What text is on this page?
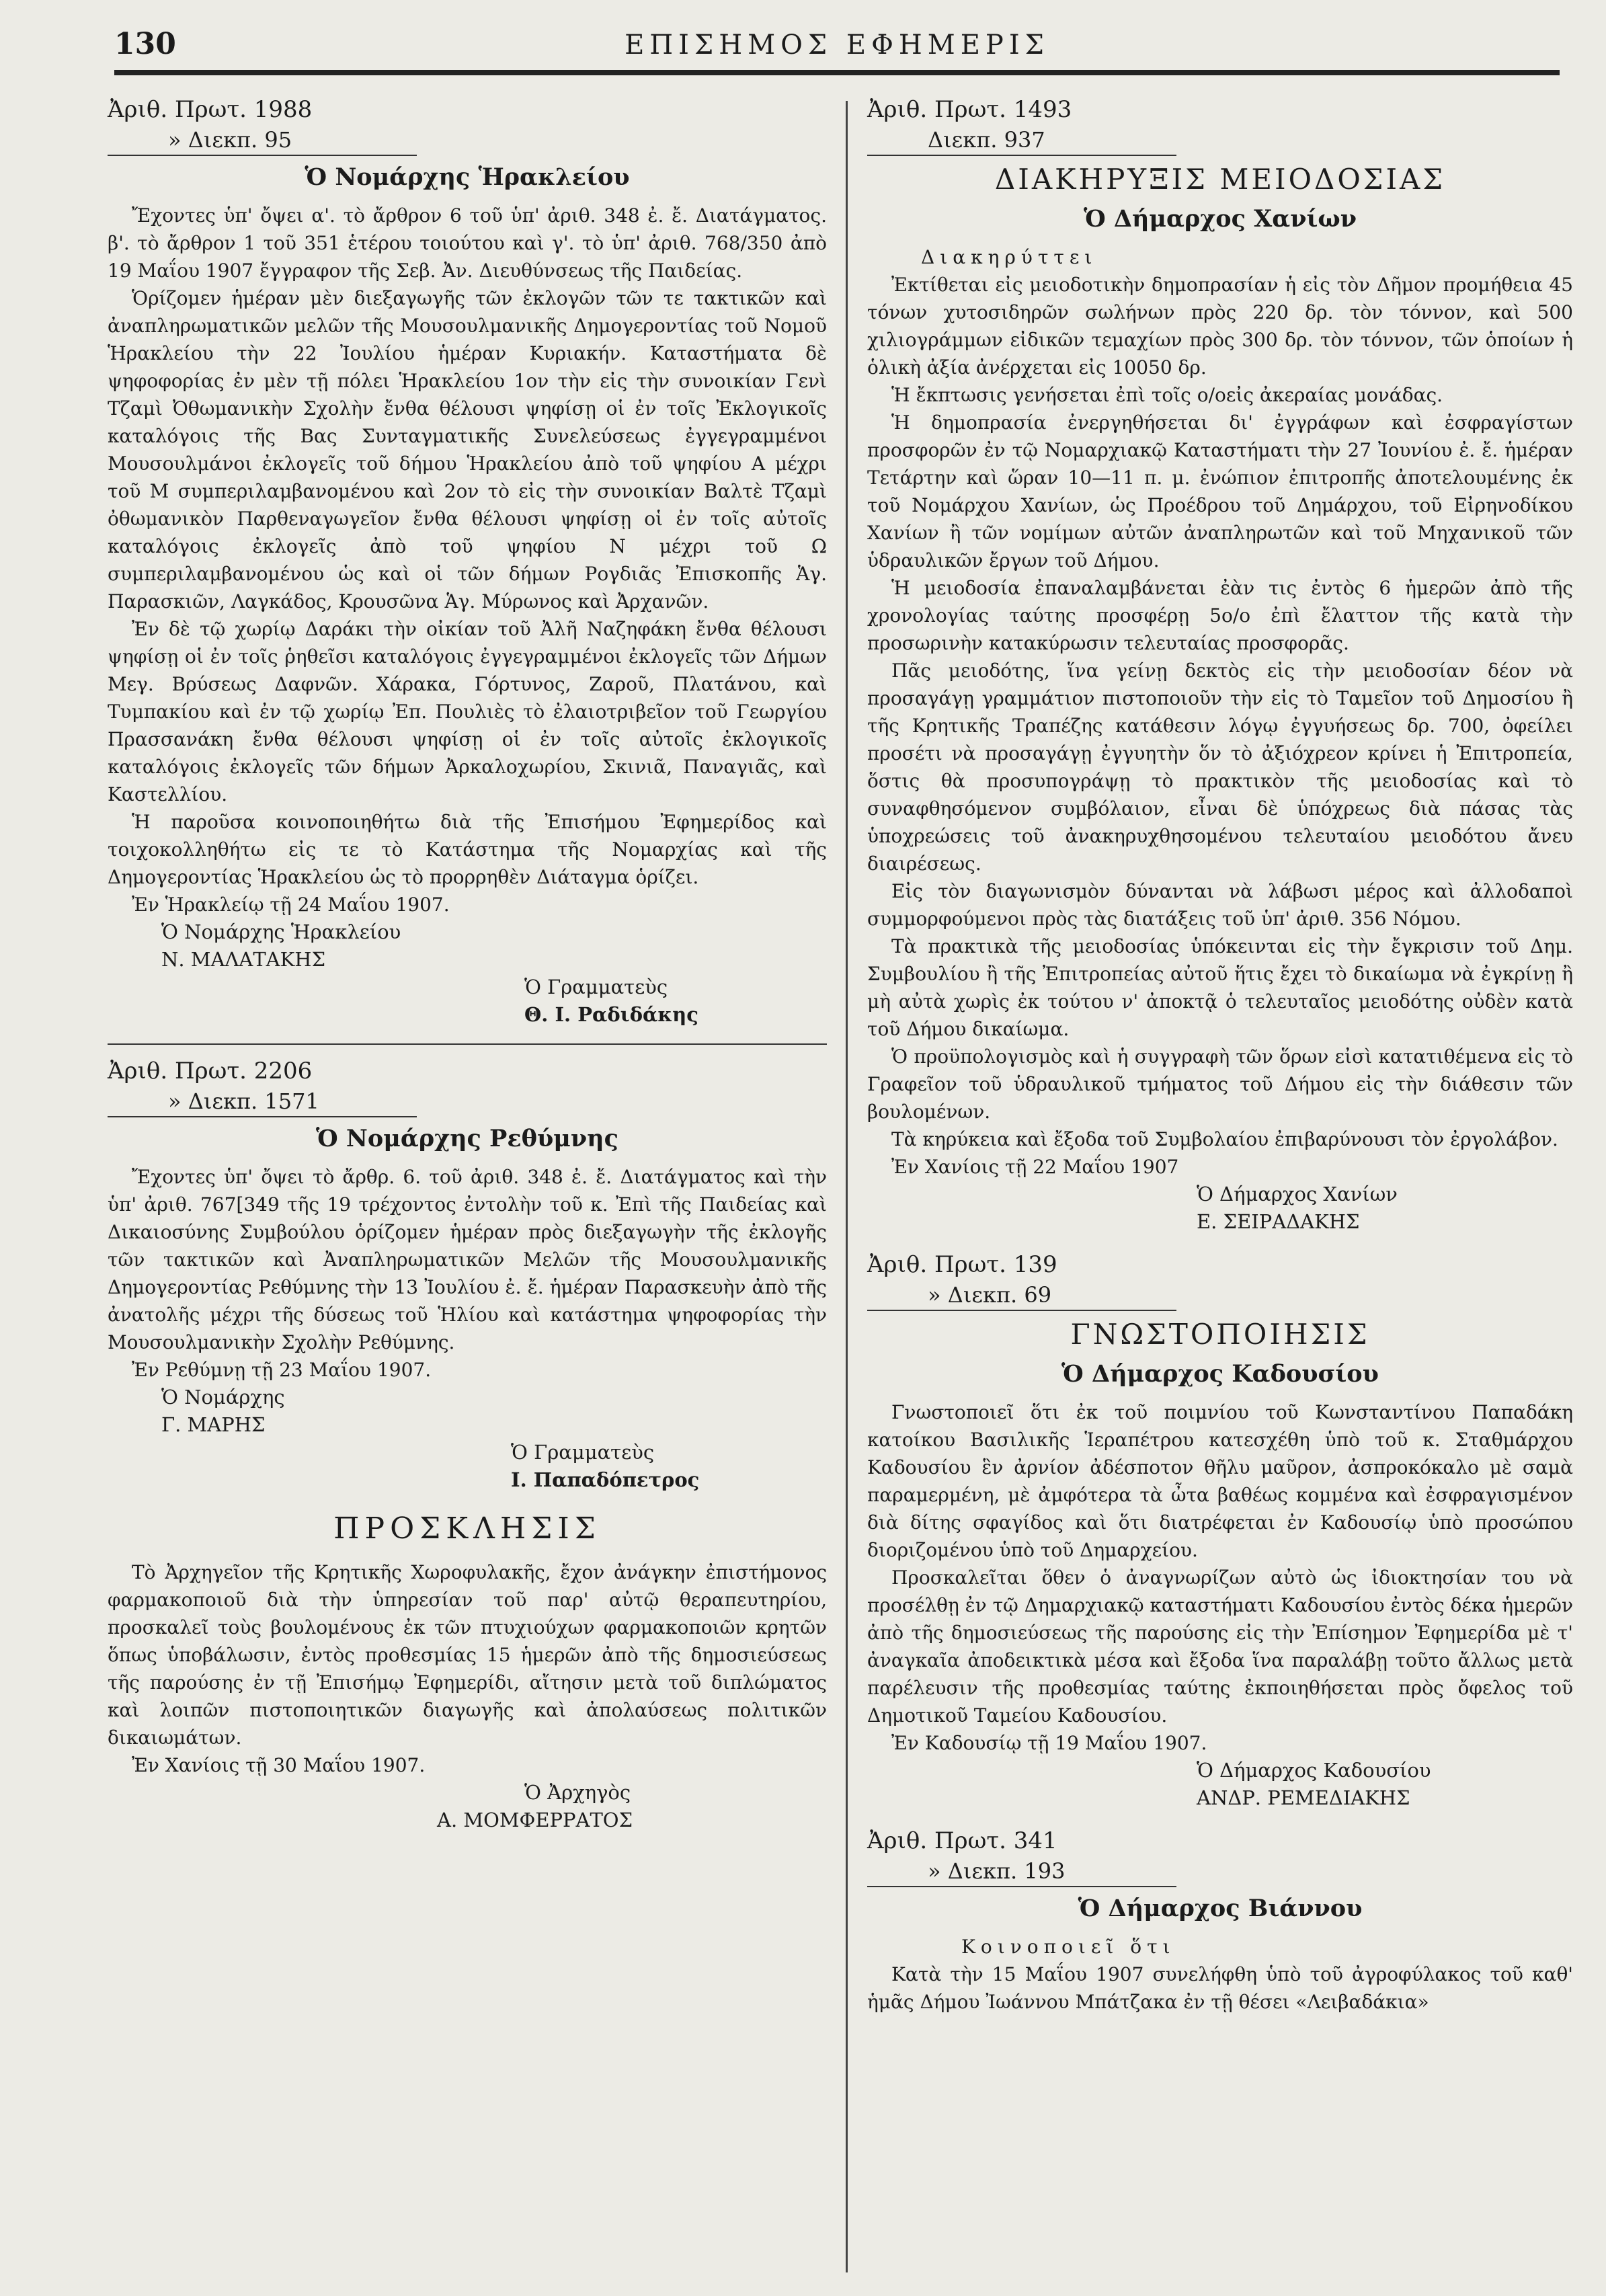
130	ΕΠΙΣΗΜΟΣ ΕΦΗΜΕΡΙΣ
Ἀριθ. Πρωτ. 1988
» Διεκπ. 95
Ὁ Νομάρχης Ἡρακλείου

Ἔχοντες ὑπ' ὄψει α'. τὸ ἄρθρον 6 τοῦ ὑπ' ἀριθ. 348 ἐ. ἔ. Διατάγματος. β'. τὸ ἄρθρον 1 τοῦ 351 ἑτέρου τοιούτου καὶ γ'. τὸ ὑπ' ἀριθ. 768/350 ἀπὸ 19 Μαΐου 1907 ἔγγραφον τῆς Σεβ. Ἀν. Διευθύνσεως τῆς Παιδείας.

Ὁρίζομεν ἡμέραν μὲν διεξαγωγῆς τῶν ἐκλογῶν τῶν τε τακτικῶν καὶ ἀναπληρωματικῶν μελῶν τῆς Μουσουλμανικῆς Δημογεροντίας τοῦ Νομοῦ Ἡρακλείου τὴν 22 Ἰουλίου ἡμέραν Κυριακήν. Καταστήματα δὲ ψηφοφορίας ἐν μὲν τῇ πόλει Ἡρακλείου 1ον τὴν εἰς τὴν συνοικίαν Γενὶ Τζαμὶ Ὀθωμανικὴν Σχολὴν ἔνθα θέλουσι ψηφίσῃ οἱ ἐν τοῖς Ἐκλογικοῖς καταλόγοις τῆς Βας Συνταγματικῆς Συνελεύσεως ἐγγεγραμμένοι Μουσουλμάνοι ἐκλογεῖς τοῦ δήμου Ἡρακλείου ἀπὸ τοῦ ψηφίου Α μέχρι τοῦ Μ συμπεριλαμβανομένου καὶ 2ον τὸ εἰς τὴν συνοικίαν Βαλτὲ Τζαμὶ ὀθωμανικὸν Παρθεναγωγεῖον ἔνθα θέλουσι ψηφίσῃ οἱ ἐν τοῖς αὐτοῖς καταλόγοις ἐκλογεῖς ἀπὸ τοῦ ψηφίου Ν μέχρι τοῦ Ω συμπεριλαμβανομένου ὡς καὶ οἱ τῶν δήμων Ρογδιᾶς Ἐπισκοπῆς Ἁγ. Παρασκιῶν, Λαγκάδος, Κρουσῶνα Ἁγ. Μύρωνος καὶ Ἀρχανῶν.

Ἐν δὲ τῷ χωρίῳ Δαράκι τὴν οἰκίαν τοῦ Ἀλῆ Ναζηφάκη ἔνθα θέλουσι ψηφίσῃ οἱ ἐν τοῖς ῥηθεῖσι καταλόγοις ἐγγεγραμμένοι ἐκλογεῖς τῶν Δήμων Μεγ. Βρύσεως Δαφνῶν. Χάρακα, Γόρτυνος, Ζαροῦ, Πλατάνου, καὶ Τυμπακίου καὶ ἐν τῷ χωρίῳ Ἐπ. Πουλιὲς τὸ ἐλαιοτριβεῖον τοῦ Γεωργίου Πρασσανάκη ἔνθα θέλουσι ψηφίσῃ οἱ ἐν τοῖς αὐτοῖς ἐκλογικοῖς καταλόγοις ἐκλογεῖς τῶν δήμων Ἀρκαλοχωρίου, Σκινιᾶ, Παναγιᾶς, καὶ Καστελλίου.

Ἡ παροῦσα κοινοποιηθήτω διὰ τῆς Ἐπισήμου Ἐφημερίδος καὶ τοιχοκολληθήτω εἰς τε τὸ Κατάστημα τῆς Νομαρχίας καὶ τῆς Δημογεροντίας Ἡρακλείου ὡς τὸ προρρηθὲν Διάταγμα ὁρίζει.

Ἐν Ἡρακλείῳ τῇ 24 Μαΐου 1907.

Ὁ Νομάρχης Ἡρακλείου
Ν. ΜΑΛΑΤΑΚΗΣ
Ὁ Γραμματεὺς
Θ. Ι. Ραδιδάκης
Ἀριθ. Πρωτ. 2206
» Διεκπ. 1571
Ὁ Νομάρχης Ρεθύμνης

Ἔχοντες ὑπ' ὄψει τὸ ἄρθρ. 6. τοῦ ἀριθ. 348 ἐ. ἔ. Διατάγματος καὶ τὴν ὑπ' ἀριθ. 767[349 τῆς 19 τρέχοντος ἐντολὴν τοῦ κ. Ἐπὶ τῆς Παιδείας καὶ Δικαιοσύνης Συμβούλου ὁρίζομεν ἡμέραν πρὸς διεξαγωγὴν τῆς ἐκλογῆς τῶν τακτικῶν καὶ Ἀναπληρωματικῶν Μελῶν τῆς Μουσουλμανικῆς Δημογεροντίας Ρεθύμνης τὴν 13 Ἰουλίου ἐ. ἔ. ἡμέραν Παρασκευὴν ἀπὸ τῆς ἀνατολῆς μέχρι τῆς δύσεως τοῦ Ἡλίου καὶ κατάστημα ψηφοφορίας τὴν Μουσουλμανικὴν Σχολὴν Ρεθύμνης.

Ἐν Ρεθύμνῃ τῇ 23 Μαΐου 1907.

Ὁ Νομάρχης
Γ. ΜΑΡΗΣ
Ὁ Γραμματεὺς
Ι. Παπαδόπετρος
ΠΡΟΣΚΛΗΣΙΣ

Τὸ Ἀρχηγεῖον τῆς Κρητικῆς Χωροφυλακῆς, ἔχον ἀνάγκην ἐπιστήμονος φαρμακοποιοῦ διὰ τὴν ὑπηρεσίαν τοῦ παρ' αὐτῷ θεραπευτηρίου, προσκαλεῖ τοὺς βουλομένους ἐκ τῶν πτυχιούχων φαρμακοποιῶν κρητῶν ὅπως ὑποβάλωσιν, ἐντὸς προθεσμίας 15 ἡμερῶν ἀπὸ τῆς δημοσιεύσεως τῆς παρούσης ἐν τῇ Ἐπισήμῳ Ἐφημερίδι, αἴτησιν μετὰ τοῦ διπλώματος καὶ λοιπῶν πιστοποιητικῶν διαγωγῆς καὶ ἀπολαύσεως πολιτικῶν δικαιωμάτων.

Ἐν Χανίοις τῇ 30 Μαΐου 1907.

Ὁ Ἀρχηγὸς
Α. ΜΟΜΦΕΡΡΑΤΟΣ
Ἀριθ. Πρωτ. 1493
Διεκπ. 937
ΔΙΑΚΗΡΥΞΙΣ ΜΕΙΟΔΟΣΙΑΣ
Ὁ Δήμαρχος Χανίων
Διακηρύττει

Ἐκτίθεται εἰς μειοδοτικὴν δημοπρασίαν ἡ εἰς τὸν Δῆμον προμήθεια 45 τόνων χυτοσιδηρῶν σωλήνων πρὸς 220 δρ. τὸν τόννον, καὶ 500 χιλιογράμμων εἰδικῶν τεμαχίων πρὸς 300 δρ. τὸν τόννον, τῶν ὁποίων ἡ ὁλικὴ ἀξία ἀνέρχεται εἰς 10050 δρ.

Ἡ ἔκπτωσις γενήσεται ἐπὶ τοῖς ο/οεἰς ἀκεραίας μονάδας.

Ἡ δημοπρασία ἐνεργηθήσεται δι' ἐγγράφων καὶ ἐσφραγίστων προσφορῶν ἐν τῷ Νομαρχιακῷ Καταστήματι τὴν 27 Ἰουνίου ἐ. ἔ. ἡμέραν Τετάρτην καὶ ὥραν 10—11 π. μ. ἐνώπιον ἐπιτροπῆς ἀποτελουμένης ἐκ τοῦ Νομάρχου Χανίων, ὡς Προέδρου τοῦ Δημάρχου, τοῦ Εἰρηνοδίκου Χανίων ἢ τῶν νομίμων αὐτῶν ἀναπληρωτῶν καὶ τοῦ Μηχανικοῦ τῶν ὑδραυλικῶν ἔργων τοῦ Δήμου.

Ἡ μειοδοσία ἐπαναλαμβάνεται ἐὰν τις ἐντὸς 6 ἡμερῶν ἀπὸ τῆς χρονολογίας ταύτης προσφέρῃ 5ο/ο ἐπὶ ἔλαττον τῆς κατὰ τὴν προσωρινὴν κατακύρωσιν τελευταίας προσφορᾶς.

Πᾶς μειοδότης, ἵνα γείνῃ δεκτὸς εἰς τὴν μειοδοσίαν δέον νὰ προσαγάγῃ γραμμάτιον πιστοποιοῦν τὴν εἰς τὸ Ταμεῖον τοῦ Δημοσίου ἢ τῆς Κρητικῆς Τραπέζης κατάθεσιν λόγῳ ἐγγυήσεως δρ. 700, ὀφείλει προσέτι νὰ προσαγάγῃ ἐγγυητὴν ὅν τὸ ἀξιόχρεον κρίνει ἡ Ἐπιτροπεία, ὅστις θὰ προσυπογράψῃ τὸ πρακτικὸν τῆς μειοδοσίας καὶ τὸ συναφθησόμενον συμβόλαιον, εἶναι δὲ ὑπόχρεως διὰ πάσας τὰς ὑποχρεώσεις τοῦ ἀνακηρυχθησομένου τελευταίου μειοδότου ἄνευ διαιρέσεως.

Εἰς τὸν διαγωνισμὸν δύνανται νὰ λάβωσι μέρος καὶ ἀλλοδαποὶ συμμορφούμενοι πρὸς τὰς διατάξεις τοῦ ὑπ' ἀριθ. 356 Νόμου.

Τὰ πρακτικὰ τῆς μειοδοσίας ὑπόκεινται εἰς τὴν ἔγκρισιν τοῦ Δημ. Συμβουλίου ἢ τῆς Ἐπιτροπείας αὐτοῦ ἥτις ἔχει τὸ δικαίωμα νὰ ἐγκρίνῃ ἢ μὴ αὐτὰ χωρὶς ἐκ τούτου ν' ἀποκτᾷ ὁ τελευταῖος μειοδότης οὐδὲν κατὰ τοῦ Δήμου δικαίωμα.

Ὁ προϋπολογισμὸς καὶ ἡ συγγραφὴ τῶν ὅρων εἰσὶ κατατιθέμενα εἰς τὸ Γραφεῖον τοῦ ὑδραυλικοῦ τμήματος τοῦ Δήμου εἰς τὴν διάθεσιν τῶν βουλομένων.

Τὰ κηρύκεια καὶ ἔξοδα τοῦ Συμβολαίου ἐπιβαρύνουσι τὸν ἐργολάβον.

Ἐν Χανίοις τῇ 22 Μαΐου 1907

Ὁ Δήμαρχος Χανίων
Ε. ΣΕΙΡΑΔΑΚΗΣ
Ἀριθ. Πρωτ. 139
» Διεκπ. 69
ΓΝΩΣΤΟΠΟΙΗΣΙΣ
Ὁ Δήμαρχος Καδουσίου

Γνωστοποιεῖ ὅτι ἐκ τοῦ ποιμνίου τοῦ Κωνσταντίνου Παπαδάκη κατοίκου Βασιλικῆς Ἱεραπέτρου κατεσχέθη ὑπὸ τοῦ κ. Σταθμάρχου Καδουσίου ἓν ἀρνίον ἀδέσποτον θῆλυ μαῦρον, ἀσπροκόκαλο μὲ σαμὰ παραμερμένη, μὲ ἀμφότερα τὰ ὦτα βαθέως κομμένα καὶ ἐσφραγισμένον διὰ δίτης σφαγίδος καὶ ὅτι διατρέφεται ἐν Καδουσίῳ ὑπὸ προσώπου διοριζομένου ὑπὸ τοῦ Δημαρχείου.

Προσκαλεῖται ὅθεν ὁ ἀναγνωρίζων αὐτὸ ὡς ἰδιοκτησίαν του νὰ προσέλθῃ ἐν τῷ Δημαρχιακῷ καταστήματι Καδουσίου ἐντὸς δέκα ἡμερῶν ἀπὸ τῆς δημοσιεύσεως τῆς παρούσης εἰς τὴν Ἐπίσημον Ἐφημερίδα μὲ τ' ἀναγκαῖα ἀποδεικτικὰ μέσα καὶ ἔξοδα ἵνα παραλάβῃ τοῦτο ἄλλως μετὰ παρέλευσιν τῆς προθεσμίας ταύτης ἐκποιηθήσεται πρὸς ὄφελος τοῦ Δημοτικοῦ Ταμείου Καδουσίου.

Ἐν Καδουσίῳ τῇ 19 Μαΐου 1907.

Ὁ Δήμαρχος Καδουσίου
ΑΝΔΡ. ΡΕΜΕΔΙΑΚΗΣ
Ἀριθ. Πρωτ. 341
» Διεκπ. 193
Ὁ Δήμαρχος Βιάννου
Κοινοποιεῖ ὅτι

Κατὰ τὴν 15 Μαΐου 1907 συνελήφθη ὑπὸ τοῦ ἀγροφύλακος τοῦ καθ' ἡμᾶς Δήμου Ἰωάννου Μπάτζακα ἐν τῇ θέσει «Λειβαδάκια»
